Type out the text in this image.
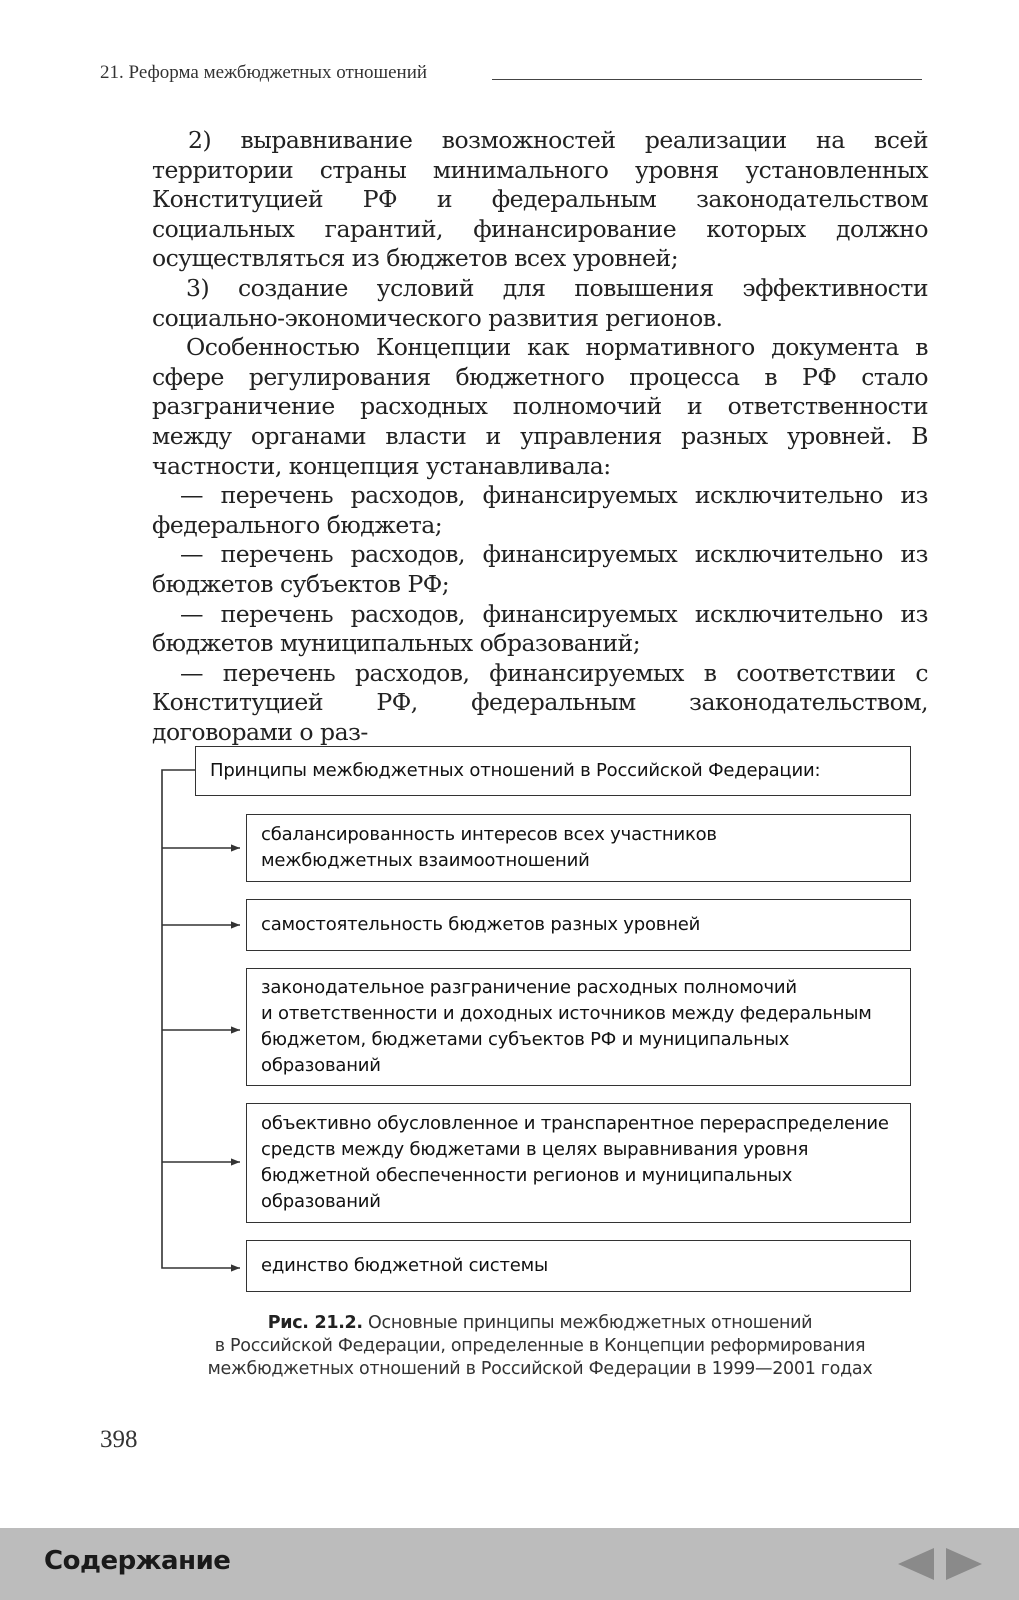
21. Реформа межбюджетных отношений

2) выравнивание возможностей реализации на всей территории страны минимального уровня установленных Конституцией РФ и федеральным законодательством социальных гарантий, финансирование которых должно осуществляться из бюджетов всех уровней;

3) создание условий для повышения эффективности социально-экономического развития регионов.

Особенностью Концепции как нормативного документа в сфере регулирования бюджетного процесса в РФ стало разграничение расходных полномочий и ответственности между органами власти и управления разных уровней. В частности, концепция устанавливала:

— перечень расходов, финансируемых исключительно из федерального бюджета;

— перечень расходов, финансируемых исключительно из бюджетов субъектов РФ;

— перечень расходов, финансируемых исключительно из бюджетов муниципальных образований;

— перечень расходов, финансируемых в соответствии с Конституцией РФ, федеральным законодательством, договорами о раз-

Принципы межбюджетных отношений в Российской Федерации:
сбалансированность интересов всех участников
межбюджетных взаимоотношений
самостоятельность бюджетов разных уровней
законодательное разграничение расходных полномочий
и ответственности и доходных источников между федеральным
бюджетом, бюджетами субъектов РФ и муниципальных образований
объективно обусловленное и транспарентное перераспределение
средств между бюджетами в целях выравнивания уровня
бюджетной обеспеченности регионов и муниципальных
образований
единство бюджетной системы
Рис. 21.2. Основные принципы межбюджетных отношений
в Российской Федерации, определенные в Концепции реформирования
межбюджетных отношений в Российской Федерации в 1999—2001 годах
398
Содержание
